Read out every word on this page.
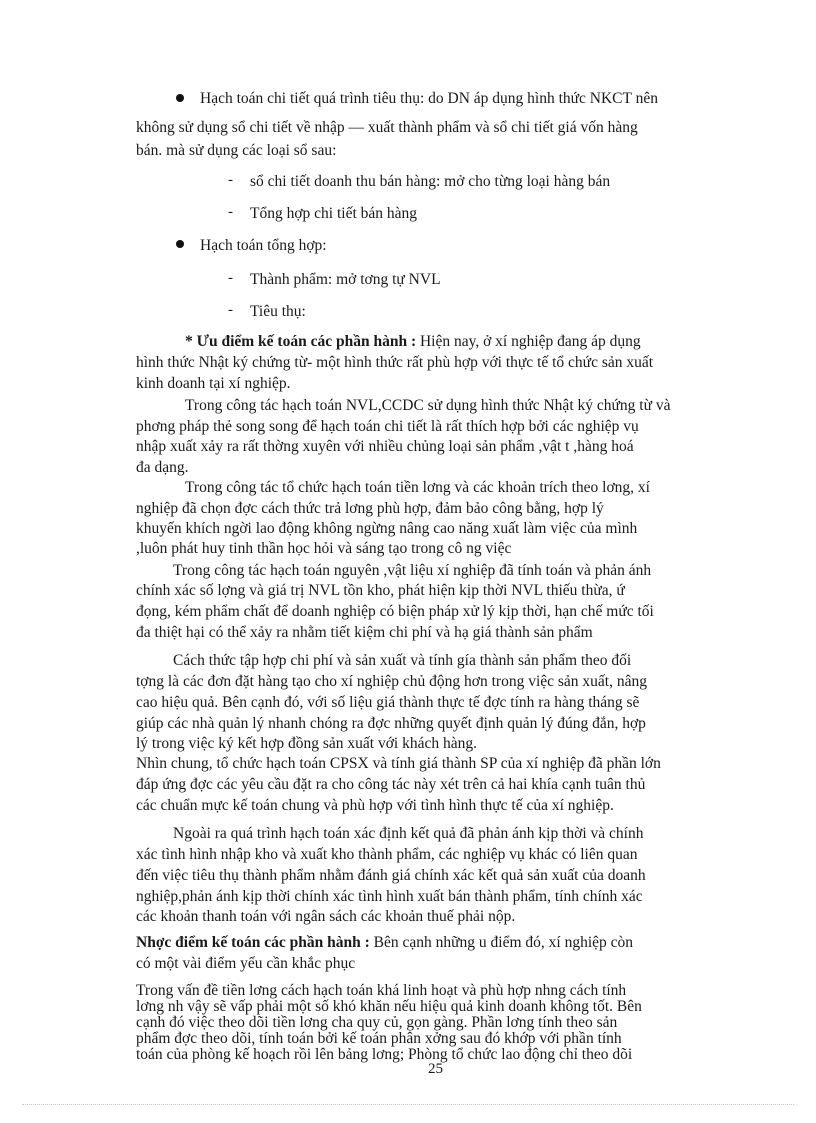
Hạch toán chi tiết quá trình tiêu thụ: do DN áp dụng hình thức NKCT nên
không sử dụng sổ chi tiết về nhập — xuất thành phẩm và sổ chi tiết giá vốn hàng
bán. mà sử dụng các loại sổ sau:
- sổ chi tiết doanh thu bán hàng: mở cho từng loại hàng bán
- Tổng hợp chi tiết bán hàng
Hạch toán tổng hợp:
- Thành phẩm: mở tơng tự NVL
- Tiêu thụ:
* Ưu điểm kế toán các phần hành : Hiện nay, ở xí nghiệp đang áp dụng
hình thức Nhật ký chứng từ- một hình thức rất phù hợp với thực tế tổ chức sản xuất
kinh doanh tại xí nghiệp.
Trong công tác hạch toán NVL,CCDC sử dụng hình thức Nhật ký chứng từ và
phơng pháp thẻ song song để hạch toán chi tiết là rất thích hợp bởi các nghiệp vụ
nhập xuất xảy ra rất thờng xuyên với nhiều chủng loại sản phẩm ,vật t ,hàng hoá
đa dạng.
Trong công tác tổ chức hạch toán tiền lơng và các khoản trích theo lơng, xí
nghiệp đã chọn đợc cách thức trả lơng phù hợp, đảm bảo công bằng, hợp lý
khuyến khích ngời lao động không ngừng nâng cao năng xuất làm việc của mình
,luôn phát huy tinh thần học hỏi và sáng tạo trong cô ng việc
Trong công tác hạch toán nguyên ,vật liệu xí nghiệp đã tính toán và phản ánh
chính xác số lợng và giá trị NVL tồn kho, phát hiện kịp thời NVL thiếu thừa, ứ
đọng, kém phẩm chất để doanh nghiệp có biện pháp xử lý kịp thời, hạn chế mức tối
đa thiệt hại có thể xảy ra nhằm tiết kiệm chi phí và hạ giá thành sản phẩm
Cách thức tập hợp chi phí và sản xuất và tính gía thành sản phẩm theo đối
tợng là các đơn đặt hàng tạo cho xí nghiệp chủ động hơn trong việc sản xuất, nâng
cao hiệu quả. Bên cạnh đó, với số liệu giá thành thực tế đợc tính ra hàng tháng sẽ
giúp các nhà quản lý nhanh chóng ra đợc những quyết định quản lý đúng đắn, hợp
lý trong việc ký kết hợp đồng sản xuất với khách hàng.
Nhìn chung, tổ chức hạch toán CPSX và tính giá thành SP của xí nghiệp đã phần lớn
đáp ứng đợc các yêu cầu đặt ra cho công tác này xét trên cả hai khía cạnh tuân thủ
các chuẩn mực kế toán chung và phù hợp với tình hình thực tế của xí nghiệp.
Ngoài ra quá trình hạch toán xác định kết quả đã phản ánh kịp thời và chính
xác tình hình nhập kho và xuất kho thành phẩm, các nghiệp vụ khác có liên quan
đến việc tiêu thụ thành phẩm nhằm đánh giá chính xác kết quả sản xuất của doanh
nghiệp,phản ánh kịp thời chính xác tình hình xuất bán thành phẩm, tính chính xác
các khoản thanh toán với ngân sách các khoản thuế phải nộp.
Nhợc điểm kế toán các phần hành : Bên cạnh những u điểm đó, xí nghiệp còn
có một vài điểm yếu cần khắc phục
Trong vấn đề tiền lơng cách hạch toán khá linh hoạt và phù hợp nhng cách tính
lơng nh vậy sẽ vấp phải một số khó khăn nếu hiệu quả kinh doanh không tốt. Bên
cạnh đó việc theo dõi tiền lơng cha quy củ, gọn gàng. Phần lơng tính theo sản
phẩm đợc theo dõi, tính toán bởi kế toán phân xởng sau đó khớp với phần tính
toán của phòng kế hoạch rồi lên bảng lơng; Phòng tổ chức lao động chỉ theo dõi
25
